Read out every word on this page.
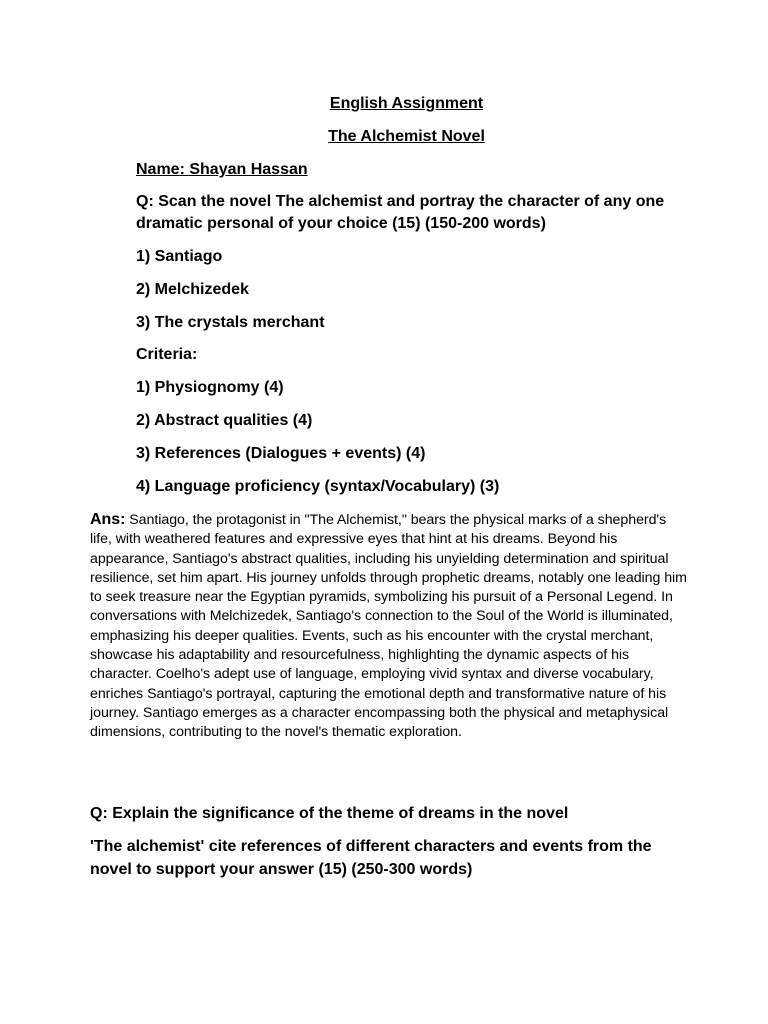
English Assignment
The Alchemist Novel
Name: Shayan Hassan
Q: Scan the novel The alchemist and portray the character of any one dramatic personal of your choice (15) (150-200 words)
1) Santiago
2) Melchizedek
3) The crystals merchant
Criteria:
1) Physiognomy (4)
2) Abstract qualities (4)
3) References (Dialogues + events) (4)
4) Language proficiency (syntax/Vocabulary) (3)
Ans: Santiago, the protagonist in "The Alchemist," bears the physical marks of a shepherd's life, with weathered features and expressive eyes that hint at his dreams. Beyond his appearance, Santiago's abstract qualities, including his unyielding determination and spiritual resilience, set him apart. His journey unfolds through prophetic dreams, notably one leading him to seek treasure near the Egyptian pyramids, symbolizing his pursuit of a Personal Legend. In conversations with Melchizedek, Santiago's connection to the Soul of the World is illuminated, emphasizing his deeper qualities. Events, such as his encounter with the crystal merchant, showcase his adaptability and resourcefulness, highlighting the dynamic aspects of his character. Coelho's adept use of language, employing vivid syntax and diverse vocabulary, enriches Santiago's portrayal, capturing the emotional depth and transformative nature of his journey. Santiago emerges as a character encompassing both the physical and metaphysical dimensions, contributing to the novel's thematic exploration.
Q: Explain the significance of the theme of dreams in the novel
'The alchemist' cite references of different characters and events from the novel to support your answer (15) (250-300 words)
